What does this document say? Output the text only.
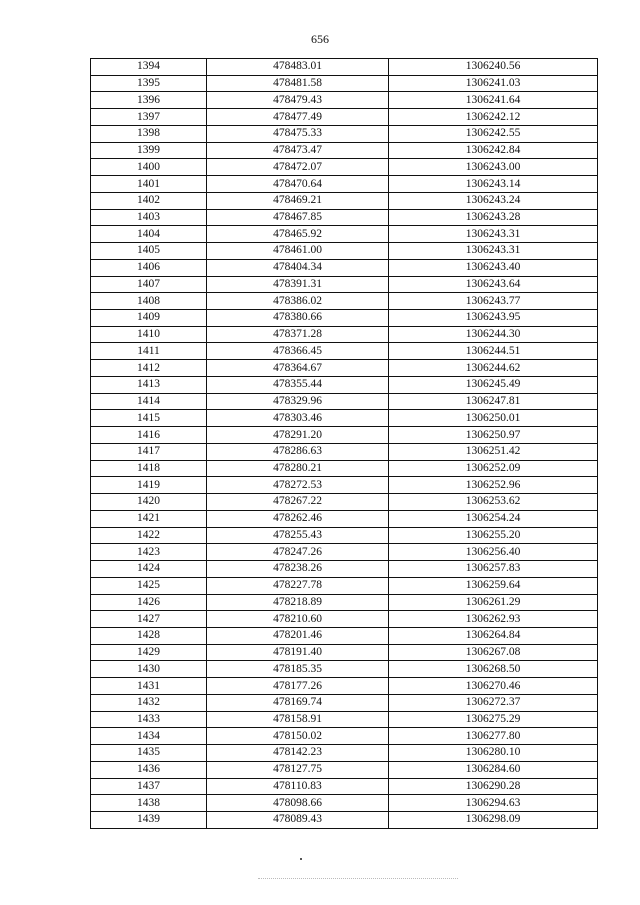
656
1394	478483.01	1306240.56
1395	478481.58	1306241.03
1396	478479.43	1306241.64
1397	478477.49	1306242.12
1398	478475.33	1306242.55
1399	478473.47	1306242.84
1400	478472.07	1306243.00
1401	478470.64	1306243.14
1402	478469.21	1306243.24
1403	478467.85	1306243.28
1404	478465.92	1306243.31
1405	478461.00	1306243.31
1406	478404.34	1306243.40
1407	478391.31	1306243.64
1408	478386.02	1306243.77
1409	478380.66	1306243.95
1410	478371.28	1306244.30
1411	478366.45	1306244.51
1412	478364.67	1306244.62
1413	478355.44	1306245.49
1414	478329.96	1306247.81
1415	478303.46	1306250.01
1416	478291.20	1306250.97
1417	478286.63	1306251.42
1418	478280.21	1306252.09
1419	478272.53	1306252.96
1420	478267.22	1306253.62
1421	478262.46	1306254.24
1422	478255.43	1306255.20
1423	478247.26	1306256.40
1424	478238.26	1306257.83
1425	478227.78	1306259.64
1426	478218.89	1306261.29
1427	478210.60	1306262.93
1428	478201.46	1306264.84
1429	478191.40	1306267.08
1430	478185.35	1306268.50
1431	478177.26	1306270.46
1432	478169.74	1306272.37
1433	478158.91	1306275.29
1434	478150.02	1306277.80
1435	478142.23	1306280.10
1436	478127.75	1306284.60
1437	478110.83	1306290.28
1438	478098.66	1306294.63
1439	478089.43	1306298.09
